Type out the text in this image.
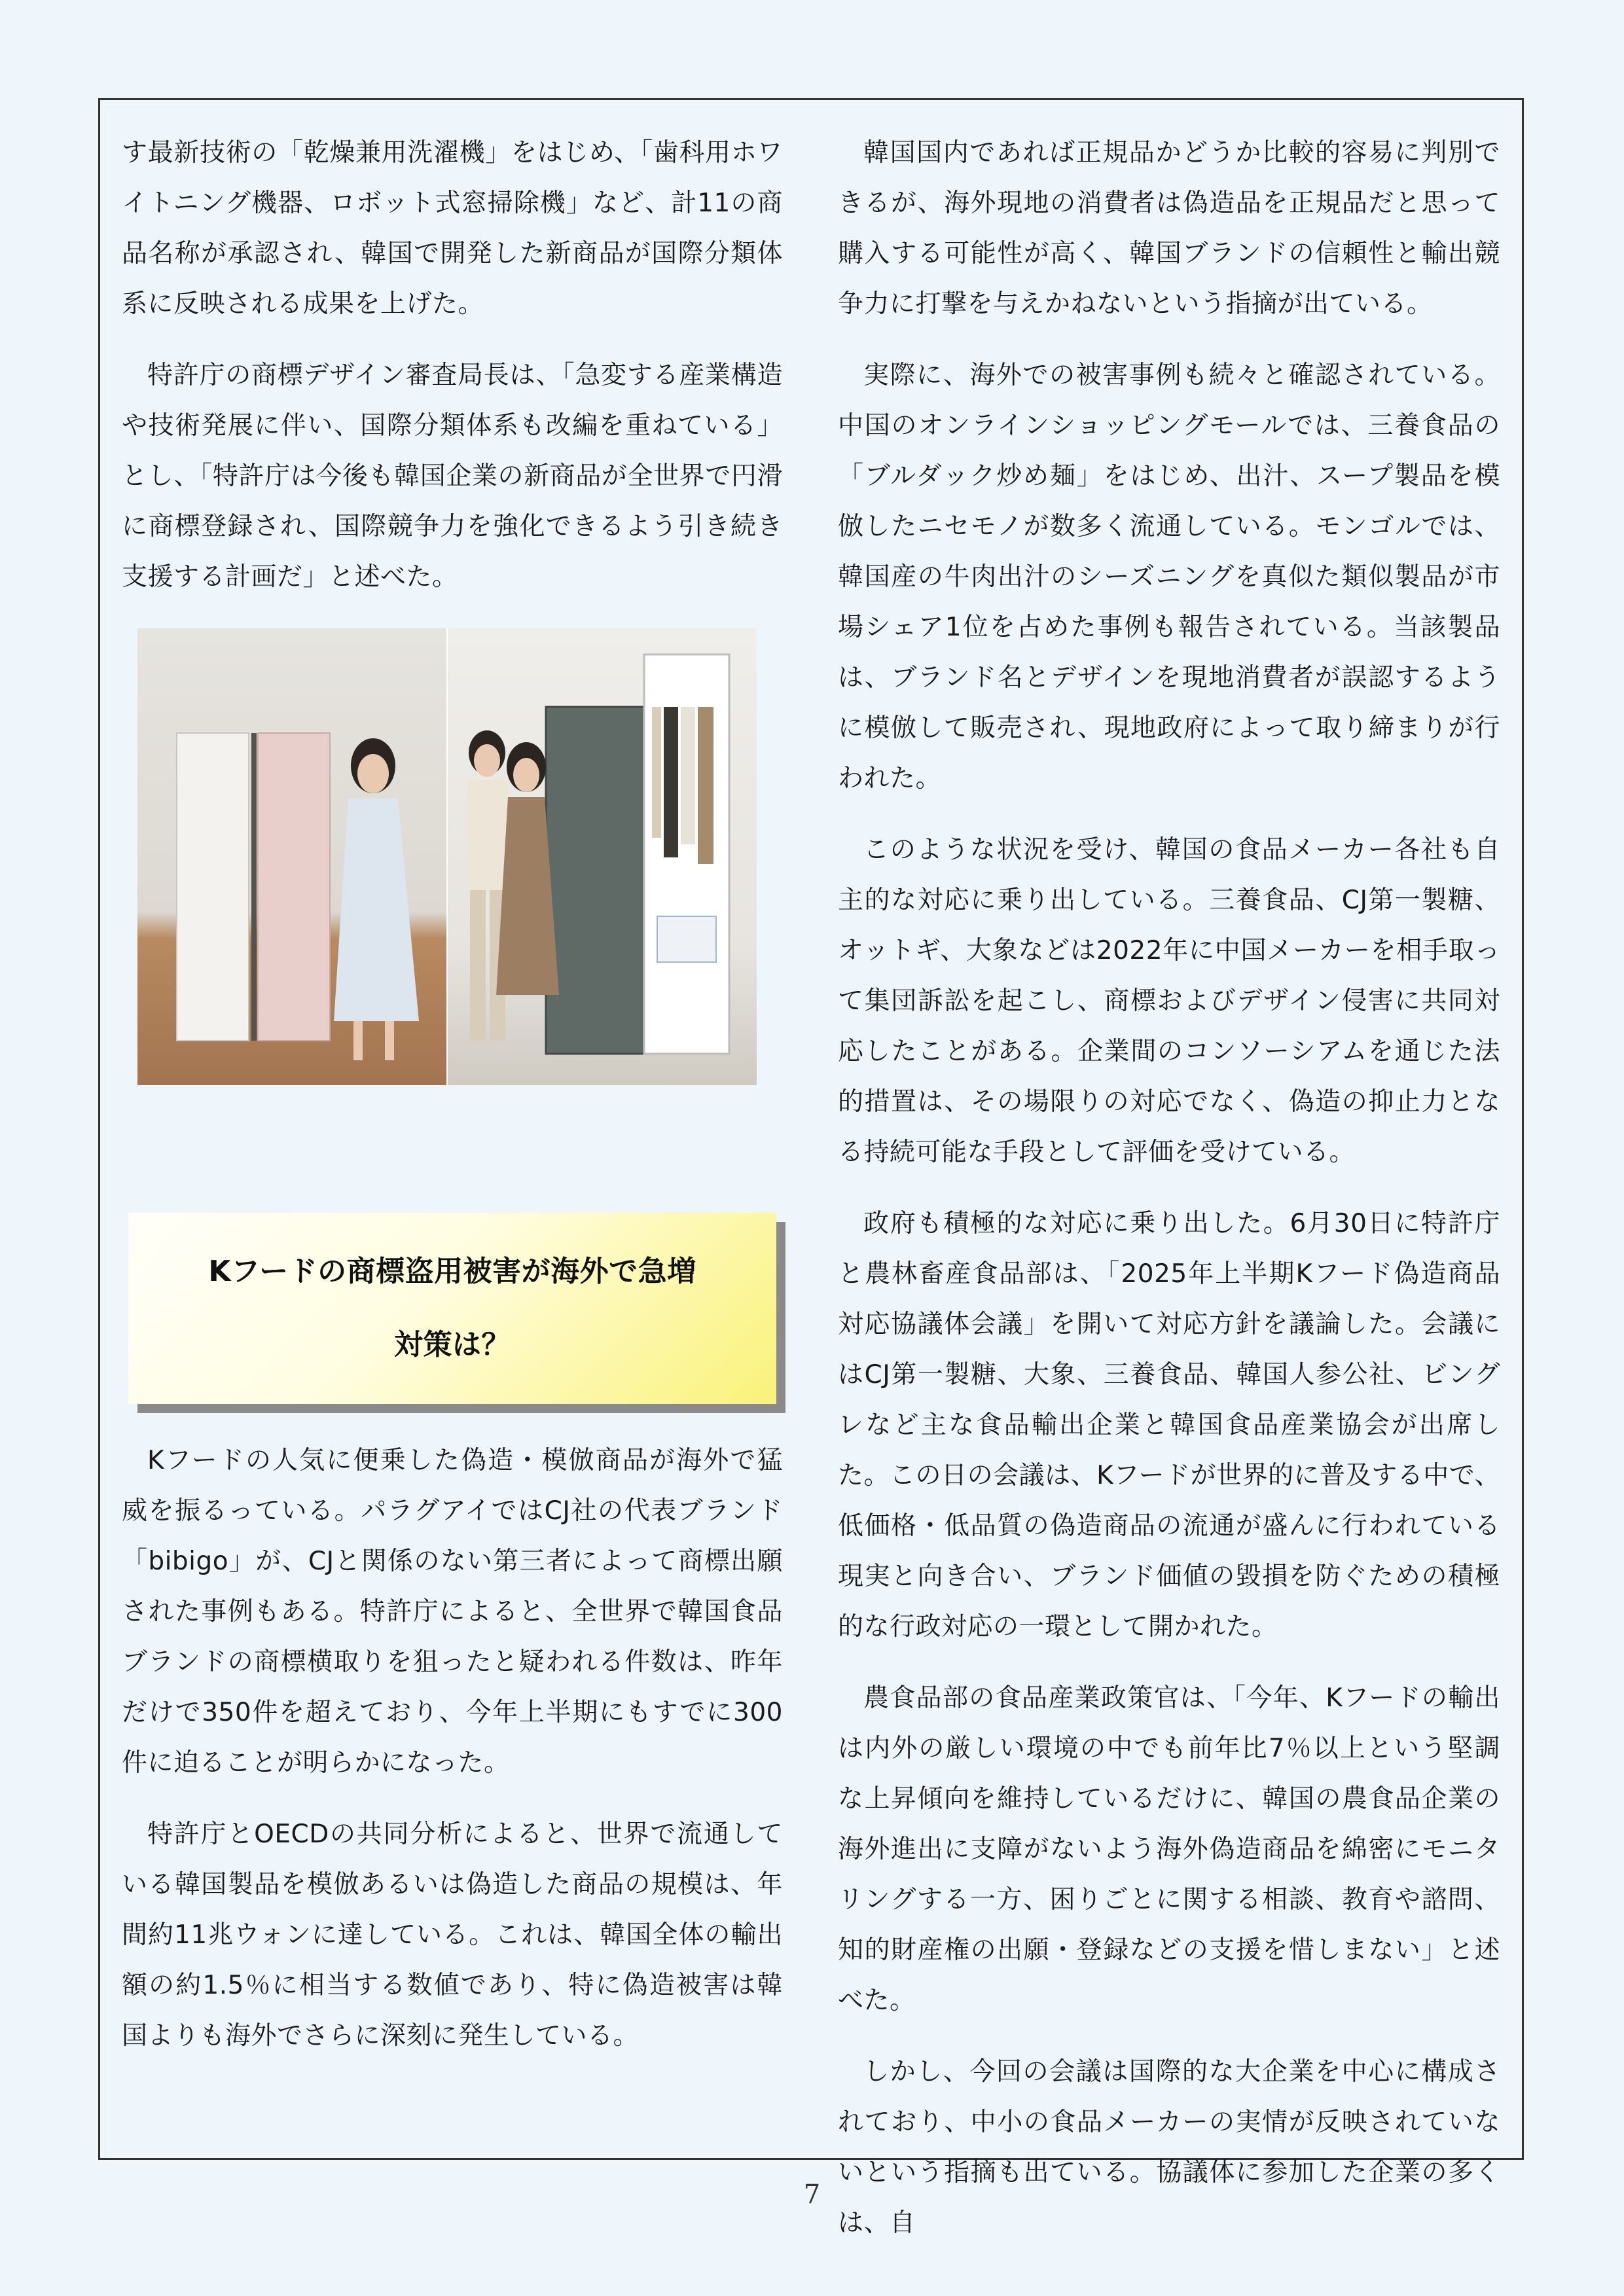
す最新技術の「乾燥兼用洗濯機」をはじめ、「歯科用ホワイトニング機器、ロボット式窓掃除機」など、計11の商品名称が承認され、韓国で開発した新商品が国際分類体系に反映される成果を上げた。

特許庁の商標デザイン審査局長は、「急変する産業構造や技術発展に伴い、国際分類体系も改編を重ねている」とし、「特許庁は今後も韓国企業の新商品が全世界で円滑に商標登録され、国際競争力を強化できるよう引き続き支援する計画だ」と述べた。

Kフードの商標盗用被害が海外で急増
対策は？

Kフードの人気に便乗した偽造・模倣商品が海外で猛威を振るっている。パラグアイではCJ社の代表ブランド「bibigo」が、CJと関係のない第三者によって商標出願された事例もある。特許庁によると、全世界で韓国食品ブランドの商標横取りを狙ったと疑われる件数は、昨年だけで350件を超えており、今年上半期にもすでに300件に迫ることが明らかになった。

特許庁とOECDの共同分析によると、世界で流通している韓国製品を模倣あるいは偽造した商品の規模は、年間約11兆ウォンに達している。これは、韓国全体の輸出額の約1.5％に相当する数値であり、特に偽造被害は韓国よりも海外でさらに深刻に発生している。

韓国国内であれば正規品かどうか比較的容易に判別できるが、海外現地の消費者は偽造品を正規品だと思って購入する可能性が高く、韓国ブランドの信頼性と輸出競争力に打撃を与えかねないという指摘が出ている。

実際に、海外での被害事例も続々と確認されている。中国のオンラインショッピングモールでは、三養食品の「ブルダック炒め麺」をはじめ、出汁、スープ製品を模倣したニセモノが数多く流通している。モンゴルでは、韓国産の牛肉出汁のシーズニングを真似た類似製品が市場シェア1位を占めた事例も報告されている。当該製品は、ブランド名とデザインを現地消費者が誤認するように模倣して販売され、現地政府によって取り締まりが行われた。

このような状況を受け、韓国の食品メーカー各社も自主的な対応に乗り出している。三養食品、CJ第一製糖、オットギ、大象などは2022年に中国メーカーを相手取って集団訴訟を起こし、商標およびデザイン侵害に共同対応したことがある。企業間のコンソーシアムを通じた法的措置は、その場限りの対応でなく、偽造の抑止力となる持続可能な手段として評価を受けている。

政府も積極的な対応に乗り出した。6月30日に特許庁と農林畜産食品部は、「2025年上半期Kフード偽造商品対応協議体会議」を開いて対応方針を議論した。会議にはCJ第一製糖、大象、三養食品、韓国人参公社、ビングレなど主な食品輸出企業と韓国食品産業協会が出席した。この日の会議は、Kフードが世界的に普及する中で、低価格・低品質の偽造商品の流通が盛んに行われている現実と向き合い、ブランド価値の毀損を防ぐための積極的な行政対応の一環として開かれた。

農食品部の食品産業政策官は、「今年、Kフードの輸出は内外の厳しい環境の中でも前年比7％以上という堅調な上昇傾向を維持しているだけに、韓国の農食品企業の海外進出に支障がないよう海外偽造商品を綿密にモニタリングする一方、困りごとに関する相談、教育や諮問、知的財産権の出願・登録などの支援を惜しまない」と述べた。

しかし、今回の会議は国際的な大企業を中心に構成されており、中小の食品メーカーの実情が反映されていないという指摘も出ている。協議体に参加した企業の多くは、自

7
